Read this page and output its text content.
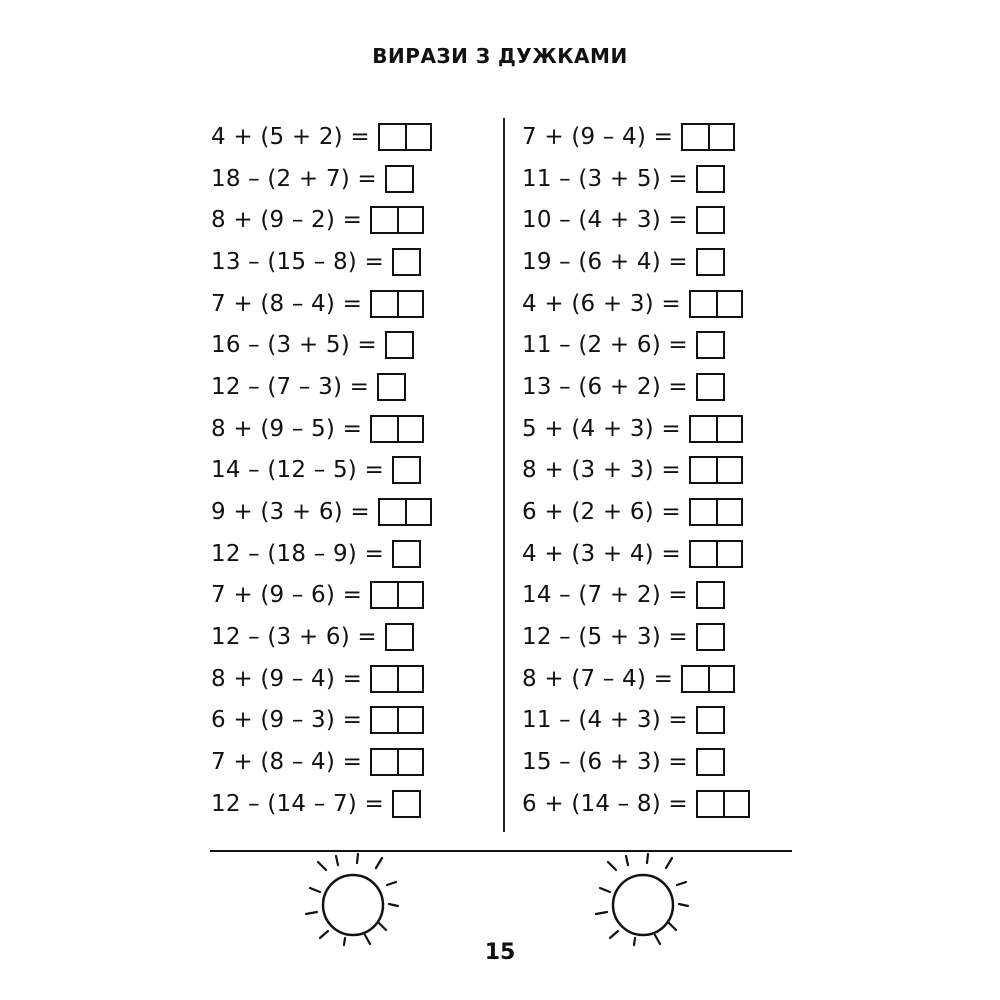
ВИРАЗИ З ДУЖКАМИ
4 + (5 + 2) =
18 – (2 + 7) =
8 + (9 – 2) =
13 – (15 – 8) =
7 + (8 – 4) =
16 – (3 + 5) =
12 – (7 – 3) =
8 + (9 – 5) =
14 – (12 – 5) =
9 + (3 + 6) =
12 – (18 – 9) =
7 + (9 – 6) =
12 – (3 + 6) =
8 + (9 – 4) =
6 + (9 – 3) =
7 + (8 – 4) =
12 – (14 – 7) =
7 + (9 – 4) =
11 – (3 + 5) =
10 – (4 + 3) =
19 – (6 + 4) =
4 + (6 + 3) =
11 – (2 + 6) =
13 – (6 + 2) =
5 + (4 + 3) =
8 + (3 + 3) =
6 + (2 + 6) =
4 + (3 + 4) =
14 – (7 + 2) =
12 – (5 + 3) =
8 + (7 – 4) =
11 – (4 + 3) =
15 – (6 + 3) =
6 + (14 – 8) =
15
